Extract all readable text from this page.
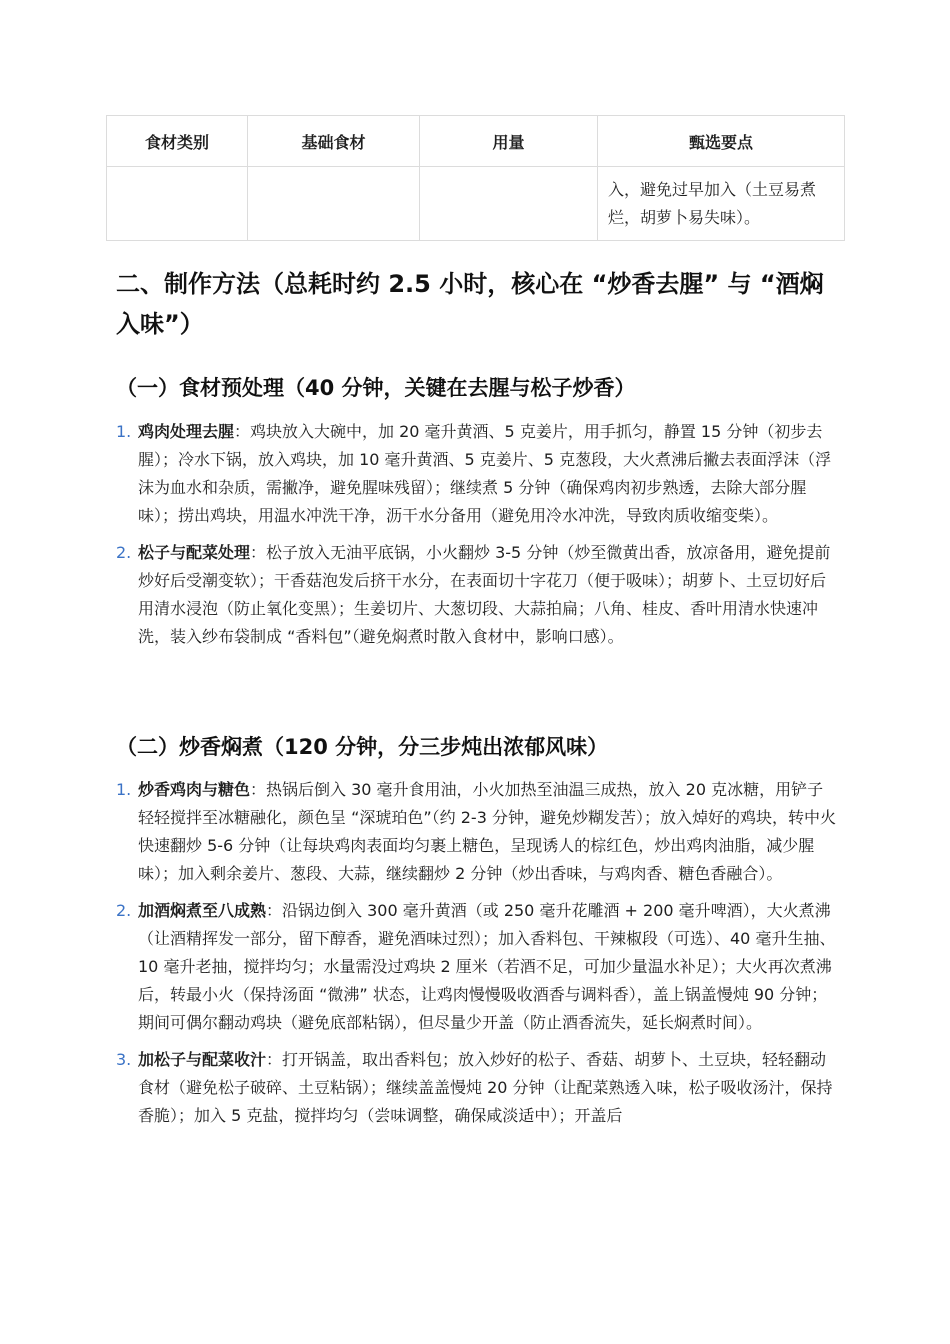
食材类别	基础食材	用量	甄选要点

			入，避免过早加入（土豆易煮烂，胡萝卜易失味）。
二、制作方法（总耗时约 2.5 小时，核心在 “炒香去腥” 与 “酒焖入味”）
（一）食材预处理（40 分钟，关键在去腥与松子炒香）
1. 鸡肉处理去腥：鸡块放入大碗中，加 20 毫升黄酒、5 克姜片，用手抓匀，静置 15 分钟（初步去腥）；冷水下锅，放入鸡块，加 10 毫升黄酒、5 克姜片、5 克葱段，大火煮沸后撇去表面浮沫（浮沫为血水和杂质，需撇净，避免腥味残留）；继续煮 5 分钟（确保鸡肉初步熟透，去除大部分腥味）；捞出鸡块，用温水冲洗干净，沥干水分备用（避免用冷水冲洗，导致肉质收缩变柴）。
2. 松子与配菜处理：松子放入无油平底锅，小火翻炒 3-5 分钟（炒至微黄出香，放凉备用，避免提前炒好后受潮变软）；干香菇泡发后挤干水分，在表面切十字花刀（便于吸味）；胡萝卜、土豆切好后用清水浸泡（防止氧化变黑）；生姜切片、大葱切段、大蒜拍扁；八角、桂皮、香叶用清水快速冲洗，装入纱布袋制成 “香料包”（避免焖煮时散入食材中，影响口感）。
（二）炒香焖煮（120 分钟，分三步炖出浓郁风味）
1. 炒香鸡肉与糖色：热锅后倒入 30 毫升食用油，小火加热至油温三成热，放入 20 克冰糖，用铲子轻轻搅拌至冰糖融化，颜色呈 “深琥珀色”（约 2-3 分钟，避免炒糊发苦）；放入焯好的鸡块，转中火快速翻炒 5-6 分钟（让每块鸡肉表面均匀裹上糖色，呈现诱人的棕红色，炒出鸡肉油脂，减少腥味）；加入剩余姜片、葱段、大蒜，继续翻炒 2 分钟（炒出香味，与鸡肉香、糖色香融合）。
2. 加酒焖煮至八成熟：沿锅边倒入 300 毫升黄酒（或 250 毫升花雕酒 + 200 毫升啤酒），大火煮沸（让酒精挥发一部分，留下醇香，避免酒味过烈）；加入香料包、干辣椒段（可选）、40 毫升生抽、10 毫升老抽，搅拌均匀；水量需没过鸡块 2 厘米（若酒不足，可加少量温水补足）；大火再次煮沸后，转最小火（保持汤面 “微沸” 状态，让鸡肉慢慢吸收酒香与调料香），盖上锅盖慢炖 90 分钟；期间可偶尔翻动鸡块（避免底部粘锅），但尽量少开盖（防止酒香流失，延长焖煮时间）。
3. 加松子与配菜收汁：打开锅盖，取出香料包；放入炒好的松子、香菇、胡萝卜、土豆块，轻轻翻动食材（避免松子破碎、土豆粘锅）；继续盖盖慢炖 20 分钟（让配菜熟透入味，松子吸收汤汁，保持香脆）；加入 5 克盐，搅拌均匀（尝味调整，确保咸淡适中）；开盖后
